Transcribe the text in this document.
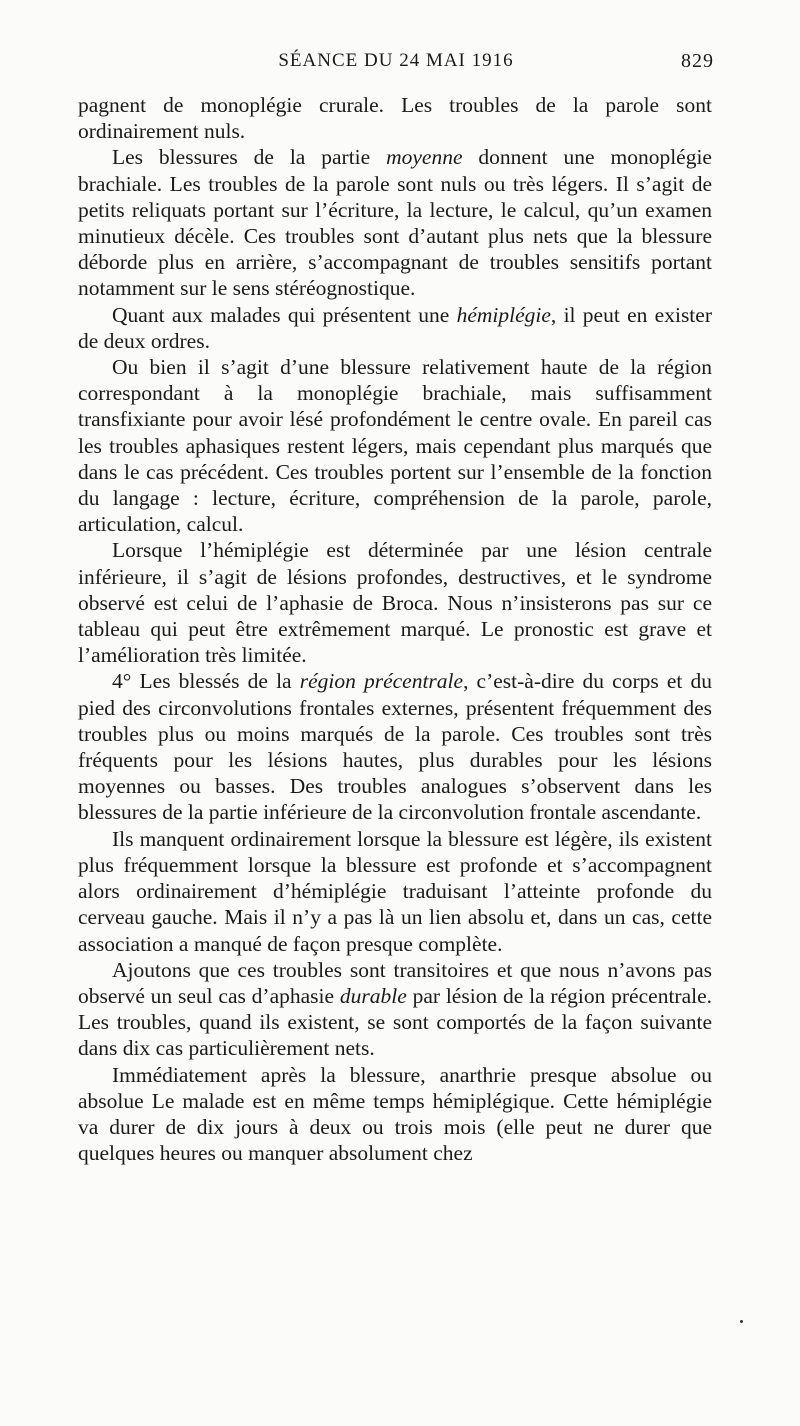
SÉANCE DU 24 MAI 1916	829

pagnent de monoplégie crurale. Les troubles de la parole sont ordinairement nuls.

Les blessures de la partie moyenne donnent une monoplégie brachiale. Les troubles de la parole sont nuls ou très légers. Il s’agit de petits reliquats portant sur l’écriture, la lecture, le calcul, qu’un examen minutieux décèle. Ces troubles sont d’autant plus nets que la blessure déborde plus en arrière, s’accompagnant de troubles sensitifs portant notamment sur le sens stéréognostique.

Quant aux malades qui présentent une hémiplégie, il peut en exister de deux ordres.

Ou bien il s’agit d’une blessure relativement haute de la région correspondant à la monoplégie brachiale, mais suffisamment transfixiante pour avoir lésé profondément le centre ovale. En pareil cas les troubles aphasiques restent légers, mais cependant plus marqués que dans le cas précédent. Ces troubles portent sur l’ensemble de la fonction du langage : lecture, écriture, compréhension de la parole, parole, articulation, calcul.

Lorsque l’hémiplégie est déterminée par une lésion centrale inférieure, il s’agit de lésions profondes, destructives, et le syndrome observé est celui de l’aphasie de Broca. Nous n’insisterons pas sur ce tableau qui peut être extrêmement marqué. Le pronostic est grave et l’amélioration très limitée.

4° Les blessés de la région précentrale, c’est-à-dire du corps et du pied des circonvolutions frontales externes, présentent fréquemment des troubles plus ou moins marqués de la parole. Ces troubles sont très fréquents pour les lésions hautes, plus durables pour les lésions moyennes ou basses. Des troubles analogues s’observent dans les blessures de la partie inférieure de la circonvolution frontale ascendante.

Ils manquent ordinairement lorsque la blessure est légère, ils existent plus fréquemment lorsque la blessure est profonde et s’accompagnent alors ordinairement d’hémiplégie traduisant l’atteinte profonde du cerveau gauche. Mais il n’y a pas là un lien absolu et, dans un cas, cette association a manqué de façon presque complète.

Ajoutons que ces troubles sont transitoires et que nous n’avons pas observé un seul cas d’aphasie durable par lésion de la région précentrale. Les troubles, quand ils existent, se sont comportés de la façon suivante dans dix cas particulièrement nets.

Immédiatement après la blessure, anarthrie presque absolue ou absolue Le malade est en même temps hémiplégique. Cette hémiplégie va durer de dix jours à deux ou trois mois (elle peut ne durer que quelques heures ou manquer absolument chez
